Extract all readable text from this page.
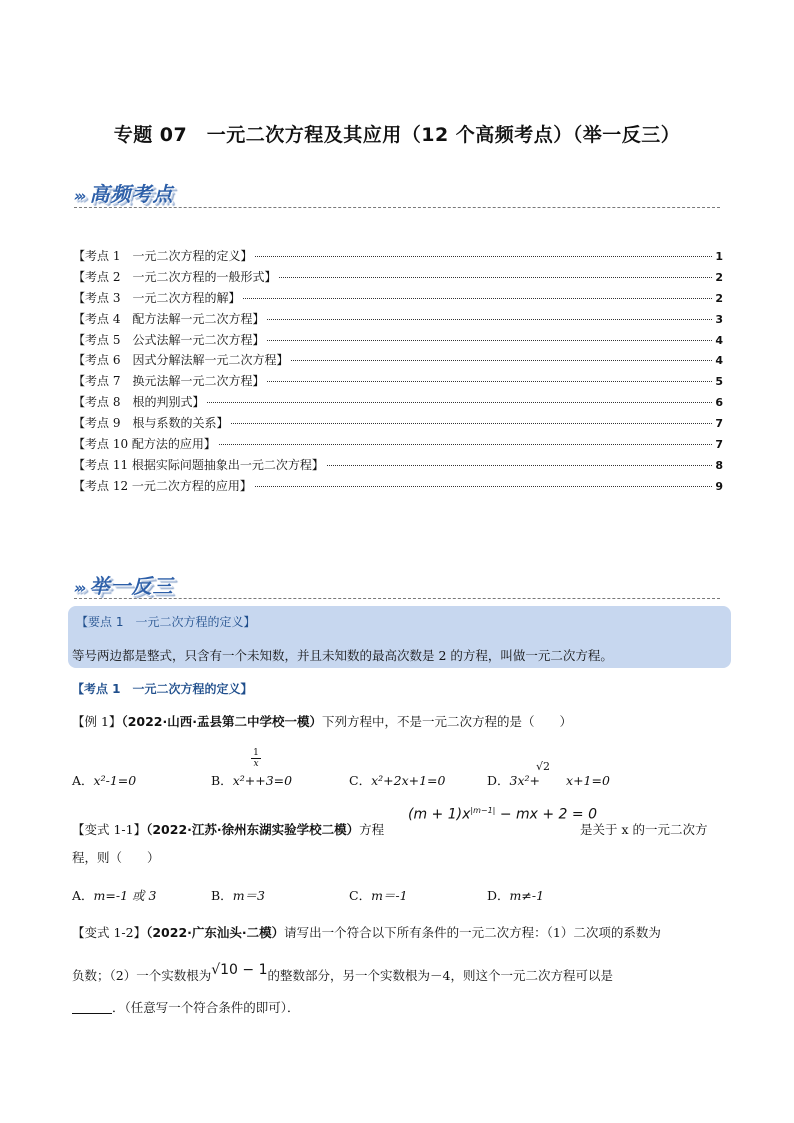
专题 07　一元二次方程及其应用（12 个高频考点）（举一反三）
››› 高频考点
【考点 1　一元二次方程的定义】	1
【考点 2　一元二次方程的一般形式】	2
【考点 3　一元二次方程的解】	2
【考点 4　配方法解一元二次方程】	3
【考点 5　公式法解一元二次方程】	4
【考点 6　因式分解法解一元二次方程】	4
【考点 7　换元法解一元二次方程】	5
【考点 8　根的判别式】	6
【考点 9　根与系数的关系】	7
【考点 10 配方法的应用】	7
【考点 11 根据实际问题抽象出一元二次方程】	8
【考点 12 一元二次方程的应用】	9
››› 举一反三
【要点 1　一元二次方程的定义】
等号两边都是整式，只含有一个未知数，并且未知数的最高次数是 2 的方程，叫做一元二次方程。
【考点 1　一元二次方程的定义】
【例 1】（2022·山西·盂县第二中学校一模）下列方程中，不是一元二次方程的是（　　）
A．x²-1=0	B．x²++3=0
$\frac{1}{x}$
C．x²+2x+1=0	D．3x²+ x+1=0
√2
【变式 1-1】（2022·江苏·徐州东湖实验学校二模）方程
$(m + 1)x^{|m-1|}$ − mx + 2 = 0
是关于 x 的一元二次方
程，则（　　）
A．m=-1 或 3	B．m＝3	C．m＝-1	D．m≠-1
【变式 1-2】（2022·广东汕头·二模）请写出一个符合以下所有条件的一元二次方程：（1）二次项的系数为
负数；（2）一个实数根为√10 − 1的整数部分，另一个实数根为－4，则这个一元二次方程可以是
．（任意写一个符合条件的即可）．
